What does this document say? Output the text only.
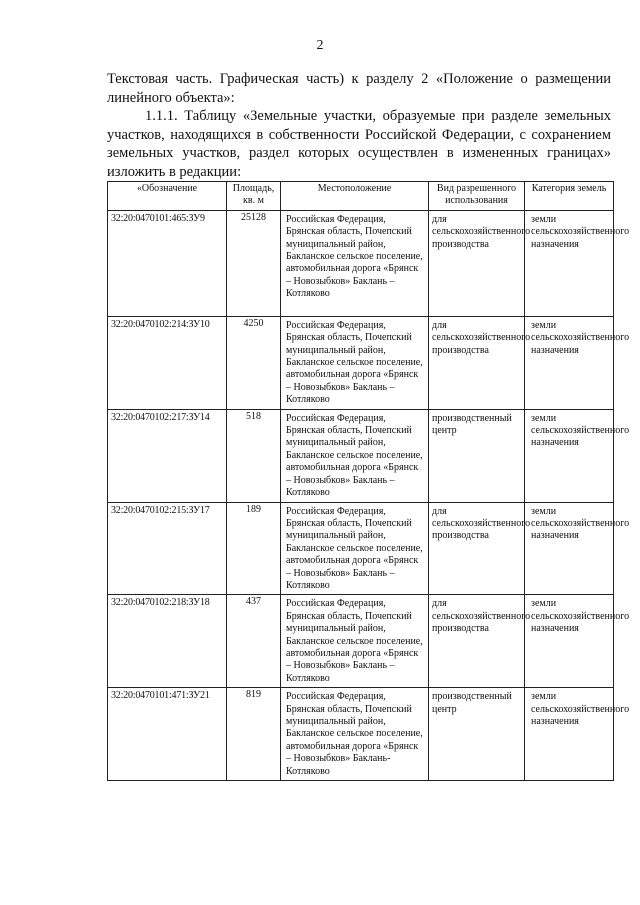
2

Текстовая часть. Графическая часть) к разделу 2 «Положение о размещении линейного объекта»:

1.1.1. Таблицу «Земельные участки, образуемые при разделе земельных участков, находящихся в собственности Российской Федерации, с сохранением земельных участков, раздел которых осуществлен в измененных границах» изложить в редакции:

«Обозначение	Площадь, кв. м	Местоположение	Вид разрешенного использования	Категория земель
32:20:0470101:465:ЗУ9	25128	Российская Федерация, Брянская область, Почепский муниципальный район, Бакланское сельское поселение, автомобильная дорога «Брянск – Новозыбков» Баклань – Котляково	для сельскохозяйственного производства	земли сельскохозяйственного назначения
32:20:0470102:214:ЗУ10	4250	Российская Федерация, Брянская область, Почепский муниципальный район, Бакланское сельское поселение, автомобильная дорога «Брянск – Новозыбков» Баклань – Котляково	для сельскохозяйственного производства	земли сельскохозяйственного назначения
32:20:0470102:217:ЗУ14	518	Российская Федерация, Брянская область, Почепский муниципальный район, Бакланское сельское поселение, автомобильная дорога «Брянск – Новозыбков» Баклань – Котляково	производственный центр	земли сельскохозяйственного назначения
32:20:0470102:215:ЗУ17	189	Российская Федерация, Брянская область, Почепский муниципальный район, Бакланское сельское поселение, автомобильная дорога «Брянск – Новозыбков» Баклань – Котляково	для сельскохозяйственного производства	земли сельскохозяйственного назначения
32:20:0470102:218:ЗУ18	437	Российская Федерация, Брянская область, Почепский муниципальный район, Бакланское сельское поселение, автомобильная дорога «Брянск – Новозыбков» Баклань – Котляково	для сельскохозяйственного производства	земли сельскохозяйственного назначения
32:20:0470101:471:ЗУ21	819	Российская Федерация, Брянская область, Почепский муниципальный район, Бакланское сельское поселение, автомобильная дорога «Брянск – Новозыбков» Баклань-Котляково	производственный центр	земли сельскохозяйственного назначения
